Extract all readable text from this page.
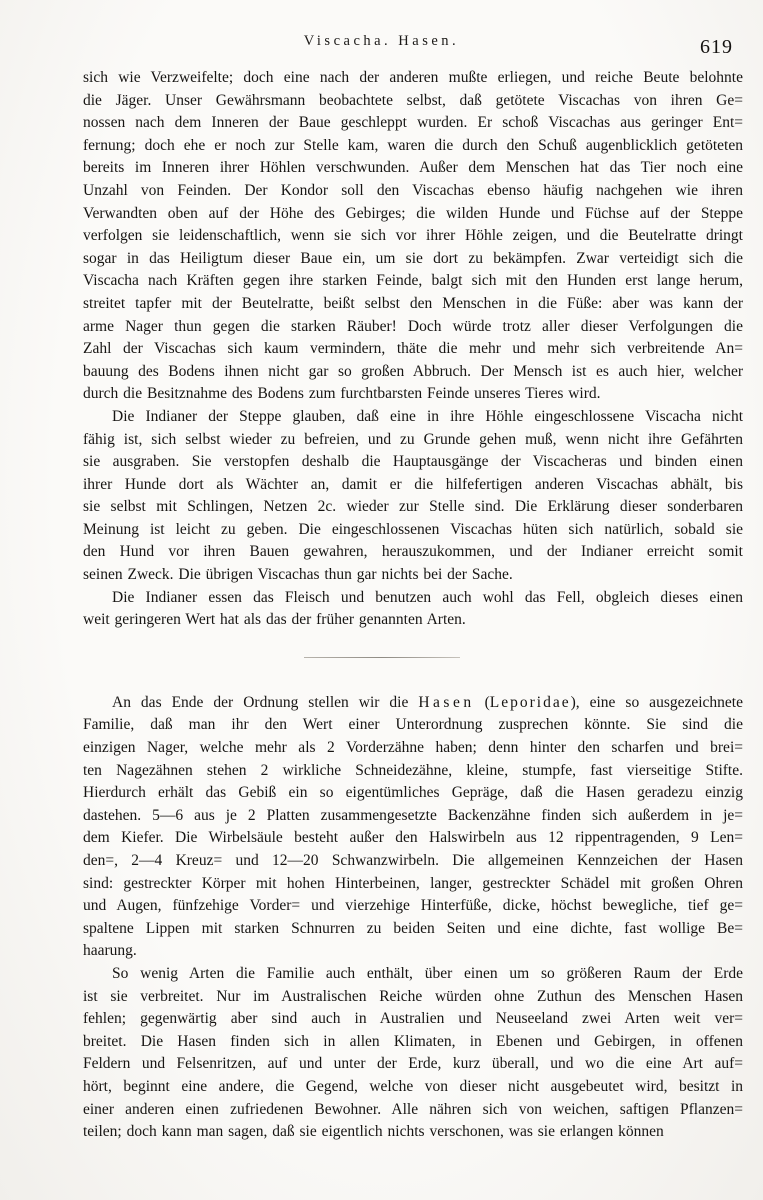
Viscacha. Hasen.	619
sich wie Verzweifelte; doch eine nach der anderen mußte erliegen, und reiche Beute belohnte
die Jäger. Unser Gewährsmann beobachtete selbst, daß getötete Viscachas von ihren Ge=
nossen nach dem Inneren der Baue geschleppt wurden. Er schoß Viscachas aus geringer Ent=
fernung; doch ehe er noch zur Stelle kam, waren die durch den Schuß augenblicklich getöteten
bereits im Inneren ihrer Höhlen verschwunden. Außer dem Menschen hat das Tier noch eine
Unzahl von Feinden. Der Kondor soll den Viscachas ebenso häufig nachgehen wie ihren
Verwandten oben auf der Höhe des Gebirges; die wilden Hunde und Füchse auf der Steppe
verfolgen sie leidenschaftlich, wenn sie sich vor ihrer Höhle zeigen, und die Beutelratte dringt
sogar in das Heiligtum dieser Baue ein, um sie dort zu bekämpfen. Zwar verteidigt sich die
Viscacha nach Kräften gegen ihre starken Feinde, balgt sich mit den Hunden erst lange herum,
streitet tapfer mit der Beutelratte, beißt selbst den Menschen in die Füße: aber was kann der
arme Nager thun gegen die starken Räuber! Doch würde trotz aller dieser Verfolgungen die
Zahl der Viscachas sich kaum vermindern, thäte die mehr und mehr sich verbreitende An=
bauung des Bodens ihnen nicht gar so großen Abbruch. Der Mensch ist es auch hier, welcher
durch die Besitznahme des Bodens zum furchtbarsten Feinde unseres Tieres wird.
Die Indianer der Steppe glauben, daß eine in ihre Höhle eingeschlossene Viscacha nicht
fähig ist, sich selbst wieder zu befreien, und zu Grunde gehen muß, wenn nicht ihre Gefährten
sie ausgraben. Sie verstopfen deshalb die Hauptausgänge der Viscacheras und binden einen
ihrer Hunde dort als Wächter an, damit er die hilfefertigen anderen Viscachas abhält, bis
sie selbst mit Schlingen, Netzen 2c. wieder zur Stelle sind. Die Erklärung dieser sonderbaren
Meinung ist leicht zu geben. Die eingeschlossenen Viscachas hüten sich natürlich, sobald sie
den Hund vor ihren Bauen gewahren, herauszukommen, und der Indianer erreicht somit
seinen Zweck. Die übrigen Viscachas thun gar nichts bei der Sache.
Die Indianer essen das Fleisch und benutzen auch wohl das Fell, obgleich dieses einen
weit geringeren Wert hat als das der früher genannten Arten.
An das Ende der Ordnung stellen wir die Hasen (Leporidae), eine so ausgezeichnete
Familie, daß man ihr den Wert einer Unterordnung zusprechen könnte. Sie sind die
einzigen Nager, welche mehr als 2 Vorderzähne haben; denn hinter den scharfen und brei=
ten Nagezähnen stehen 2 wirkliche Schneidezähne, kleine, stumpfe, fast vierseitige Stifte.
Hierdurch erhält das Gebiß ein so eigentümliches Gepräge, daß die Hasen geradezu einzig
dastehen. 5—6 aus je 2 Platten zusammengesetzte Backenzähne finden sich außerdem in je=
dem Kiefer. Die Wirbelsäule besteht außer den Halswirbeln aus 12 rippentragenden, 9 Len=
den=, 2—4 Kreuz= und 12—20 Schwanzwirbeln. Die allgemeinen Kennzeichen der Hasen
sind: gestreckter Körper mit hohen Hinterbeinen, langer, gestreckter Schädel mit großen Ohren
und Augen, fünfzehige Vorder= und vierzehige Hinterfüße, dicke, höchst bewegliche, tief ge=
spaltene Lippen mit starken Schnurren zu beiden Seiten und eine dichte, fast wollige Be=
haarung.
So wenig Arten die Familie auch enthält, über einen um so größeren Raum der Erde
ist sie verbreitet. Nur im Australischen Reiche würden ohne Zuthun des Menschen Hasen
fehlen; gegenwärtig aber sind auch in Australien und Neuseeland zwei Arten weit ver=
breitet. Die Hasen finden sich in allen Klimaten, in Ebenen und Gebirgen, in offenen
Feldern und Felsenritzen, auf und unter der Erde, kurz überall, und wo die eine Art auf=
hört, beginnt eine andere, die Gegend, welche von dieser nicht ausgebeutet wird, besitzt in
einer anderen einen zufriedenen Bewohner. Alle nähren sich von weichen, saftigen Pflanzen=
teilen; doch kann man sagen, daß sie eigentlich nichts verschonen, was sie erlangen können
